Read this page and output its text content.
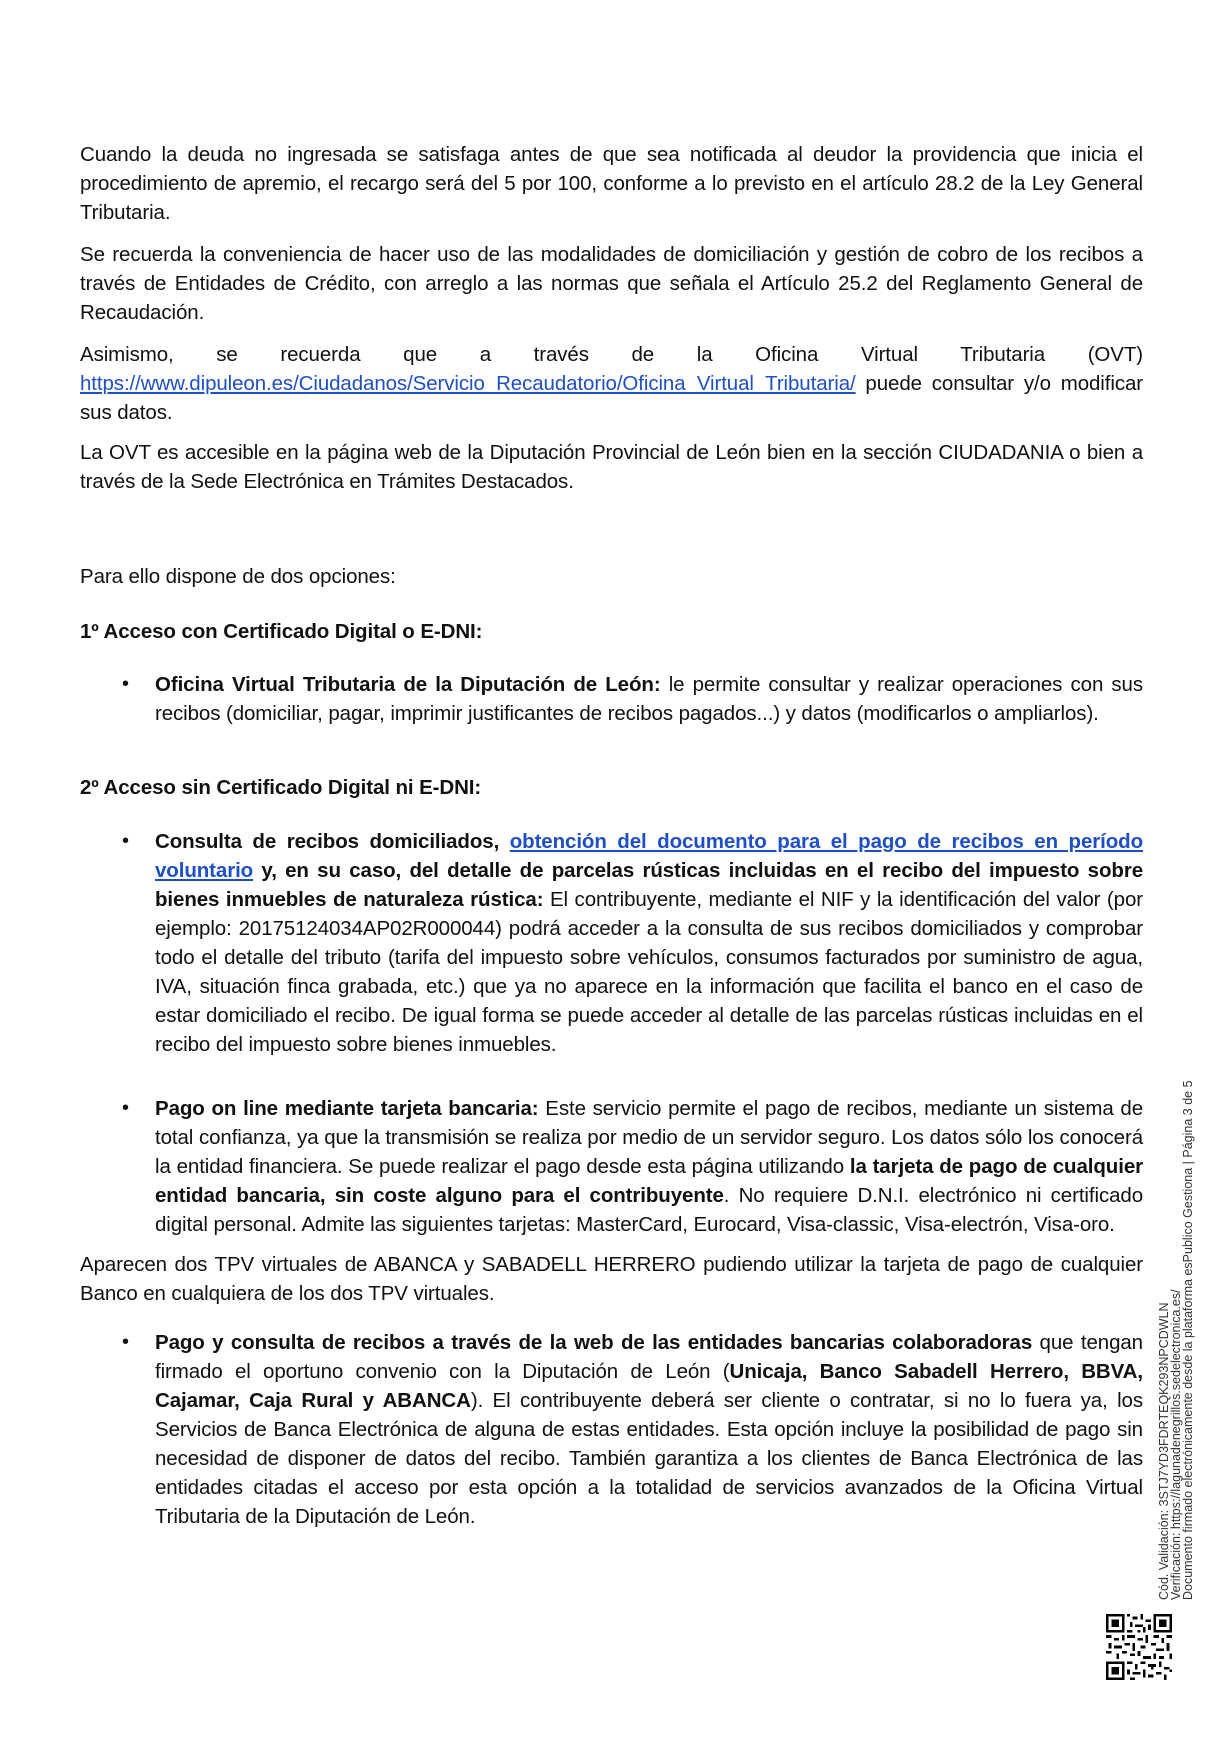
Cuando la deuda no ingresada se satisfaga antes de que sea notificada al deudor la providencia que inicia el procedimiento de apremio, el recargo será del 5 por 100, conforme a lo previsto en el artículo 28.2 de la Ley General Tributaria.
Se recuerda la conveniencia de hacer uso de las modalidades de domiciliación y gestión de cobro de los recibos a través de Entidades de Crédito, con arreglo a las normas que señala el Artículo 25.2 del Reglamento General de Recaudación.
Asimismo, se recuerda que a través de la Oficina Virtual Tributaria (OVT)
https://www.dipuleon.es/Ciudadanos/Servicio_Recaudatorio/Oficina_Virtual_Tributaria/ puede consultar y/o modificar sus datos.
La OVT es accesible en la página web de la Diputación Provincial de León bien en la sección CIUDADANIA o bien a través de la Sede Electrónica en Trámites Destacados.
Para ello dispone de dos opciones:
1º Acceso con Certificado Digital o E-DNI:
• Oficina Virtual Tributaria de la Diputación de León: le permite consultar y realizar operaciones con sus recibos (domiciliar, pagar, imprimir justificantes de recibos pagados...) y datos (modificarlos o ampliarlos).
2º Acceso sin Certificado Digital ni E-DNI:
• Consulta de recibos domiciliados, obtención del documento para el pago de recibos en período voluntario y, en su caso, del detalle de parcelas rústicas incluidas en el recibo del impuesto sobre bienes inmuebles de naturaleza rústica: El contribuyente, mediante el NIF y la identificación del valor (por ejemplo: 20175124034AP02R000044) podrá acceder a la consulta de sus recibos domiciliados y comprobar todo el detalle del tributo (tarifa del impuesto sobre vehículos, consumos facturados por suministro de agua, IVA, situación finca grabada, etc.) que ya no aparece en la información que facilita el banco en el caso de estar domiciliado el recibo. De igual forma se puede acceder al detalle de las parcelas rústicas incluidas en el recibo del impuesto sobre bienes inmuebles.
• Pago on line mediante tarjeta bancaria: Este servicio permite el pago de recibos, mediante un sistema de total confianza, ya que la transmisión se realiza por medio de un servidor seguro. Los datos sólo los conocerá la entidad financiera. Se puede realizar el pago desde esta página utilizando la tarjeta de pago de cualquier entidad bancaria, sin coste alguno para el contribuyente. No requiere D.N.I. electrónico ni certificado digital personal. Admite las siguientes tarjetas: MasterCard, Eurocard, Visa-classic, Visa-electrón, Visa-oro.
Aparecen dos TPV virtuales de ABANCA y SABADELL HERRERO pudiendo utilizar la tarjeta de pago de cualquier Banco en cualquiera de los dos TPV virtuales.
• Pago y consulta de recibos a través de la web de las entidades bancarias colaboradoras que tengan firmado el oportuno convenio con la Diputación de León (Unicaja, Banco Sabadell Herrero, BBVA, Cajamar, Caja Rural y ABANCA). El contribuyente deberá ser cliente o contratar, si no lo fuera ya, los Servicios de Banca Electrónica de alguna de estas entidades. Esta opción incluye la posibilidad de pago sin necesidad de disponer de datos del recibo. También garantiza a los clientes de Banca Electrónica de las entidades citadas el acceso por esta opción a la totalidad de servicios avanzados de la Oficina Virtual Tributaria de la Diputación de León.	Cód. Validación: 3STJ7YD3FDRTEQK293NPCDWLN
Verificación: https://lagunadenegrillos.sedelectronica.es/
Documento firmado electrónicamente desde la plataforma esPublico Gestiona | Página 3 de 5
